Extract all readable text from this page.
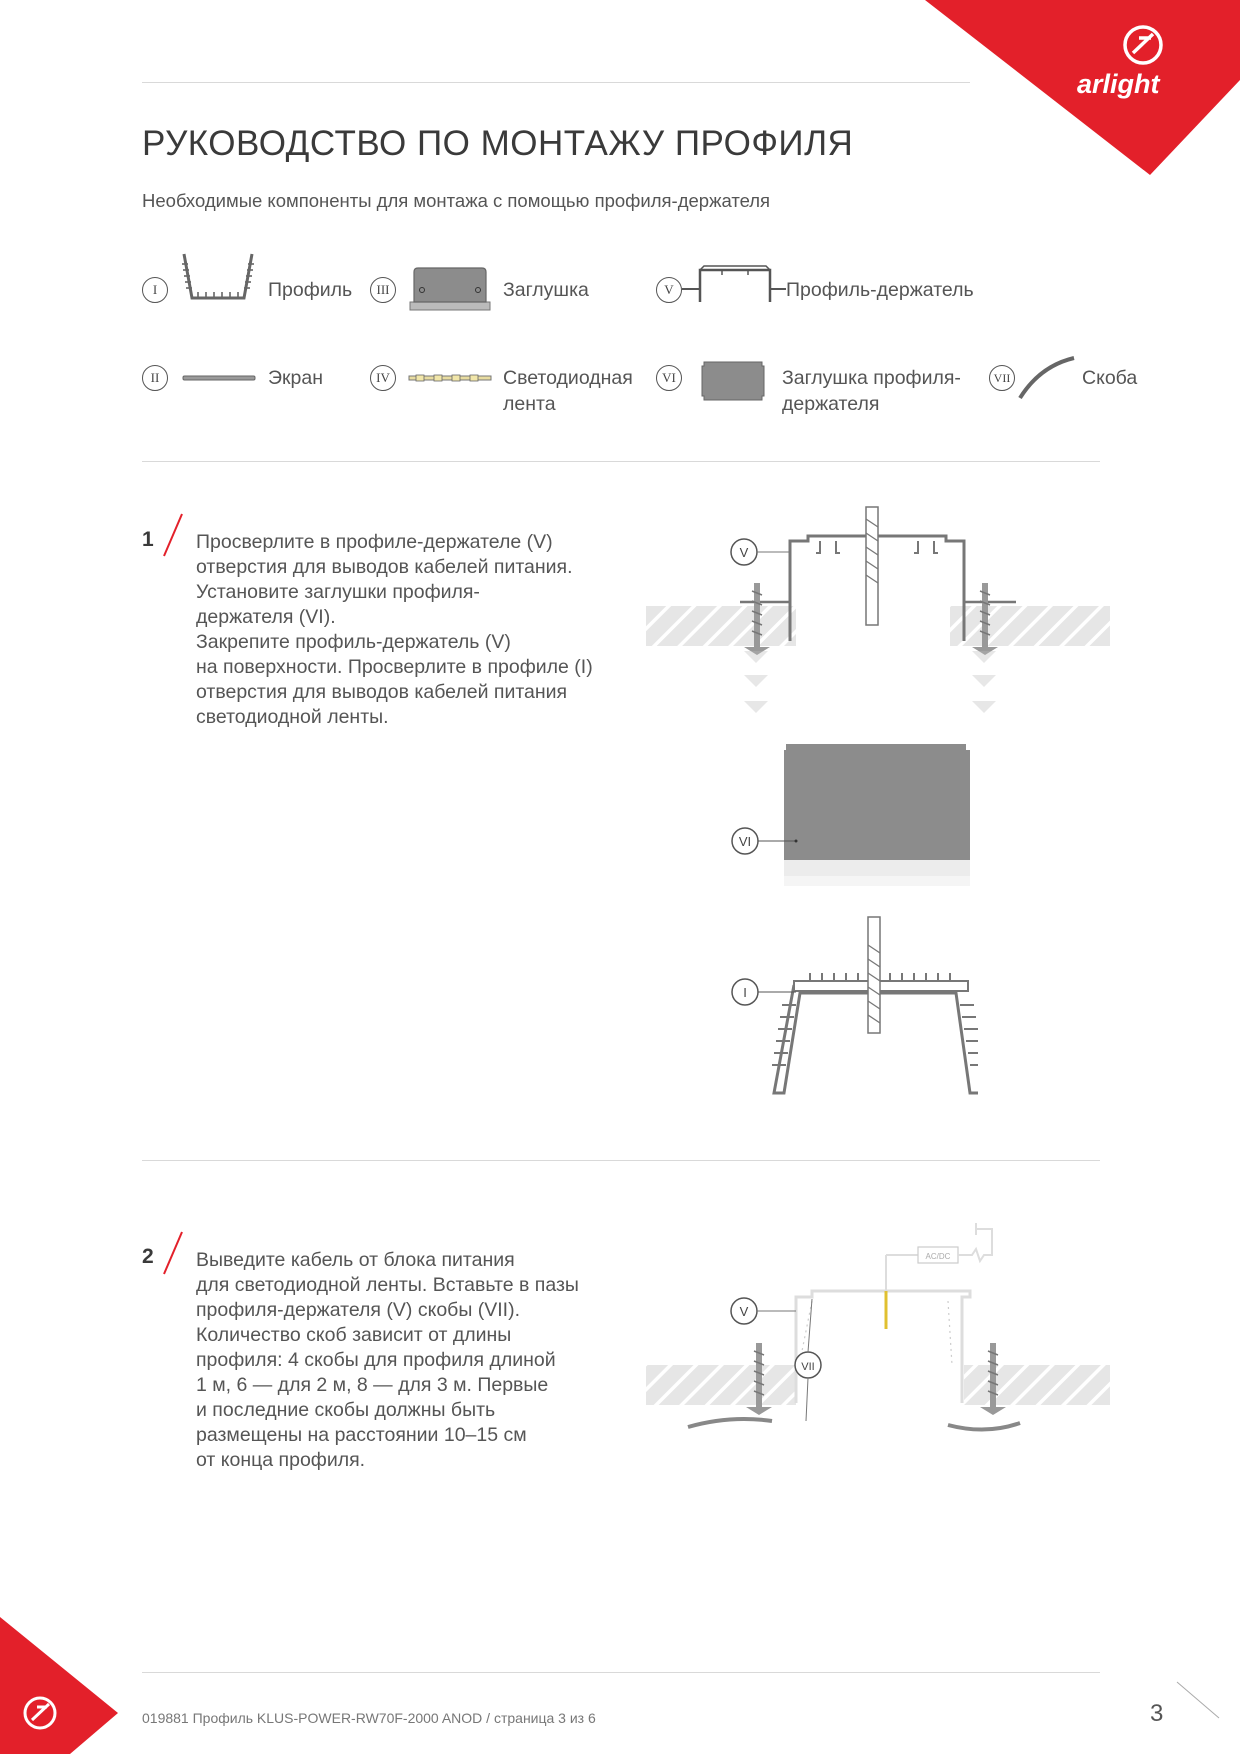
arlight
РУКОВОДСТВО ПО МОНТАЖУ ПРОФИЛЯ
Необходимые компоненты для монтажа с помощью профиля-держателя
I	Профиль	III	Заглушка	V	Профиль-держатель
II	Экран	IV	Светодиодная лента
VI	Заглушка профиля-держателя
VII	Скоба
1 Просверлите в профиле-держателе (V)
отверстия для выводов кабелей питания.
Установите заглушки профиля-
держателя (VI).
Закрепите профиль-держатель (V)
на поверхности. Просверлите в профиле (I)
отверстия для выводов кабелей питания
светодиодной ленты.
V
VI
I
2 Выведите кабель от блока питания
для светодиодной ленты. Вставьте в пазы
профиля-держателя (V) скобы (VII).
Количество скоб зависит от длины
профиля: 4 скобы для профиля длиной
1 м, 6 — для 2 м, 8 — для 3 м. Первые
и последние скобы должны быть
размещены на расстоянии 10–15 см
от конца профиля.
AC/DC
V
VII
019881 Профиль KLUS-POWER-RW70F-2000 ANOD / страница 3 из 6	3
